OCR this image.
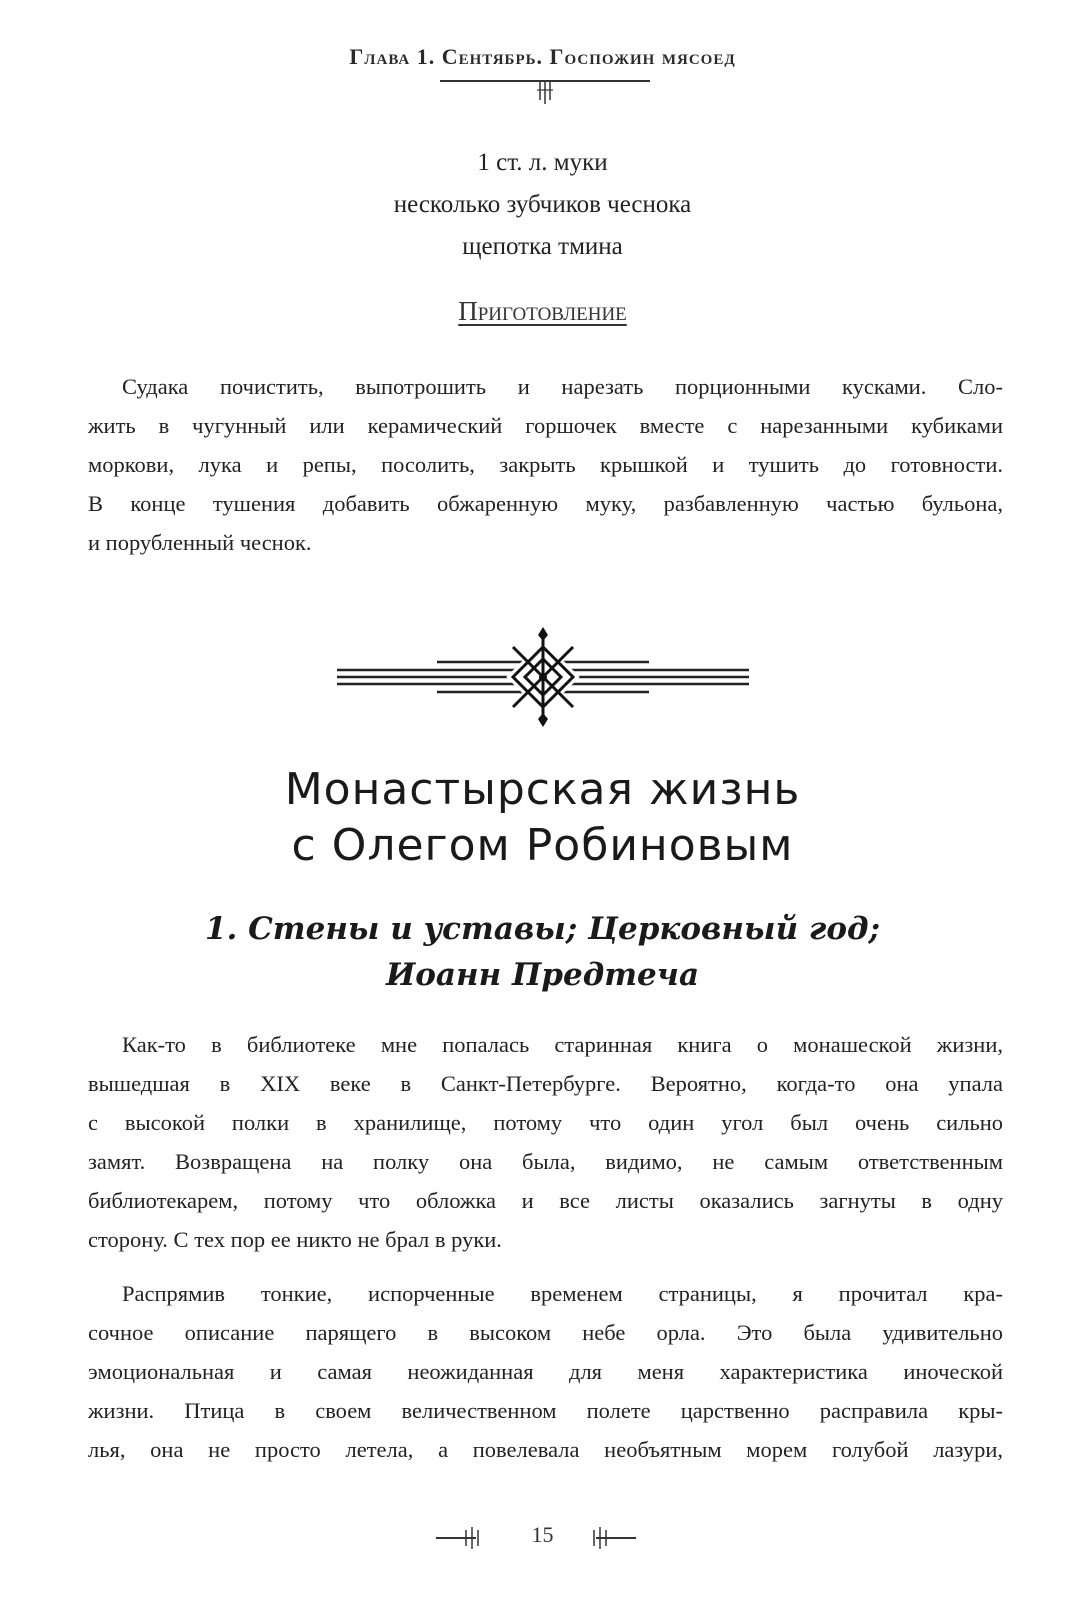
Глава 1. Сентябрь. Госпожин мясоед
1 ст. л. муки
несколько зубчиков чеснока
щепотка тмина
Приготовление
Судака почистить, выпотрошить и нарезать порционными кусками. Сло-
жить в чугунный или керамический горшочек вместе с нарезанными кубиками
моркови, лука и репы, посолить, закрыть крышкой и тушить до готовности.
В конце тушения добавить обжаренную муку, разбавленную частью бульона,
и порубленный чеснок.
Монастырская жизнь
с Олегом Робиновым
1. Стены и уставы; Церковный год;
Иоанн Предтеча
Как-то в библиотеке мне попалась старинная книга о монашеской жизни,
вышедшая в XIX веке в Санкт-Петербурге. Вероятно, когда-то она упала
с высокой полки в хранилище, потому что один угол был очень сильно
замят. Возвращена на полку она была, видимо, не самым ответственным
библиотекарем, потому что обложка и все листы оказались загнуты в одну
сторону. С тех пор ее никто не брал в руки.
Распрямив тонкие, испорченные временем страницы, я прочитал кра-
сочное описание парящего в высоком небе орла. Это была удивительно
эмоциональная и самая неожиданная для меня характеристика иноческой
жизни. Птица в своем величественном полете царственно расправила кры-
лья, она не просто летела, а повелевала необъятным морем голубой лазури,
15
